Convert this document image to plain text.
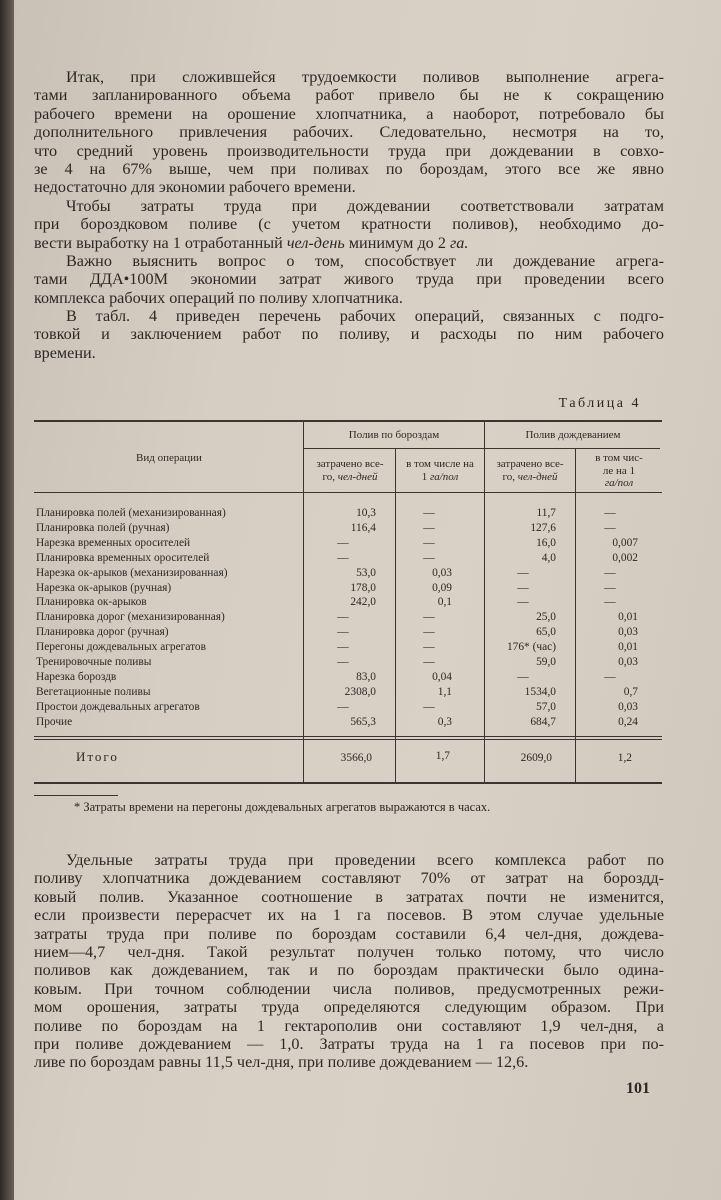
Итак, при сложившейся трудоемкости поливов выполнение агрега-
тами запланированного объема работ привело бы не к сокращению
рабочего времени на орошение хлопчатника, а наоборот, потребовало бы
дополнительного привлечения рабочих. Следовательно, несмотря на то,
что средний уровень производительности труда при дождевании в совхо-
зе 4 на 67% выше, чем при поливах по бороздам, этого все же явно
недостаточно для экономии рабочего времени.
Чтобы затраты труда при дождевании соответствовали затратам
при бороздковом поливе (с учетом кратности поливов), необходимо до-
вести выработку на 1 отработанный чел-день минимум до 2 га.
Важно выяснить вопрос о том, способствует ли дождевание агрега-
тами ДДА•100М экономии затрат живого труда при проведении всего
комплекса рабочих операций по поливу хлопчатника.
В табл. 4 приведен перечень рабочих операций, связанных с подго-
товкой и заключением работ по поливу, и расходы по ним рабочего
времени.
Таблица 4
Вид операции
Полив по бороздам	Полив дождеванием
затрачено все-
го, чел-дней
в том числе на
1 га/пол
затрачено все-
го, чел-дней
в том чис-
ле на 1
га/пол
Планировка полей (механизированная)	10,3	—	11,7	—
Планировка полей (ручная)	116,4	—	127,6	—
Нарезка временных оросителей	—	—	16,0	0,007
Планировка временных оросителей	—	—	4,0	0,002
Нарезка ок-арыков (механизированная)	53,0	0,03	—	—
Нарезка ок-арыков (ручная)	178,0	0,09	—	—
Планировка ок-арыков	242,0	0,1	—	—
Планировка дорог (механизированная)	—	—	25,0	0,01
Планировка дорог (ручная)	—	—	65,0	0,03
Перегоны дождевальных агрегатов	—	—	176* (час)	0,01
Тренировочные поливы	—	—	59,0	0,03
Нарезка бороздв	83,0	0,04	—	—
Вегетационные поливы	2308,0	1,1	1534,0	0,7
Простои дождевальных агрегатов	—	—	57,0	0,03
Прочие	565,3	0,3	684,7	0,24
Итого	3566,0	1,7	2609,0	1,2
* Затраты времени на перегоны дождевальных агрегатов выражаются в часах.
Удельные затраты труда при проведении всего комплекса работ по
поливу хлопчатника дождеванием составляют 70% от затрат на бороздд-
ковый полив. Указанное соотношение в затратах почти не изменится,
если произвести перерасчет их на 1 га посевов. В этом случае удельные
затраты труда при поливе по бороздам составили 6,4 чел-дня, дождева-
нием—4,7 чел-дня. Такой результат получен только потому, что число
поливов как дождеванием, так и по бороздам практически было одина-
ковым. При точном соблюдении числа поливов, предусмотренных режи-
мом орошения, затраты труда определяются следующим образом. При
поливе по бороздам на 1 гектарополив они составляют 1,9 чел-дня, а
при поливе дождеванием — 1,0. Затраты труда на 1 га посевов при по-
ливе по бороздам равны 11,5 чел-дня, при поливе дождеванием — 12,6.
101
